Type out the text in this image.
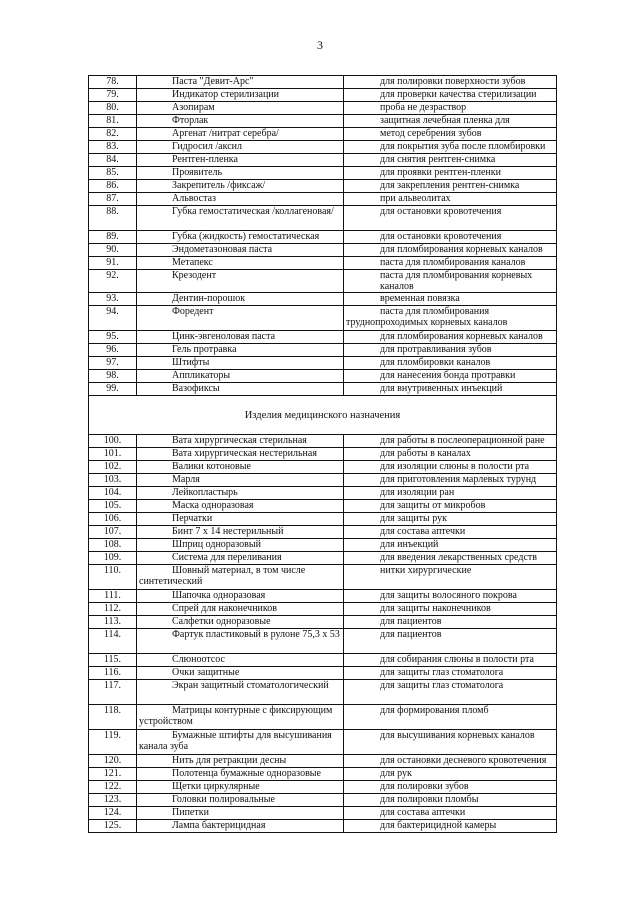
3
78.	Паста "Девит-Арс"	для полировки поверхности зубов
79.	Индикатор стерилизации	для проверки качества стерилизации
80.	Азопирам	проба не дезраствор
81.	Фторлак	защитная лечебная пленка для
82.	Аргенат /нитрат серебра/	метод серебрения зубов
83.	Гидросил /аксил	для покрытия зуба после пломбировки
84.	Рентген-пленка	для снятия рентген-снимка
85.	Проявитель	для проявки рентген-пленки
86.	Закрепитель /фиксаж/	для закрепления рентген-снимка
87.	Альвостаз	при альвеолитах
88.	Губка гемостатическая /коллагеновая/	для остановки кровотечения
89.	Губка (жидкость) гемостатическая	для остановки кровотечения
90.	Эндометазоновая паста	для пломбирования корневых каналов
91.	Метапекс	паста для пломбирования каналов
92.	Крезодент	паста для пломбирования корневых каналов
93.	Дентин-порошок	временная повязка
94.	Форедент	паста для пломбирования труднопроходимых корневых каналов
95.	Цинк-эвгеноловая паста	для пломбирования корневых каналов
96.	Гель протравка	для протравливания зубов
97.	Штифты	для пломбировки каналов
98.	Аппликаторы	для нанесения бонда протравки
99.	Вазофиксы	для внутривенных инъекций
Изделия медицинского назначения		
100.	Вата хирургическая стерильная	для работы в послеоперационной ране
101.	Вата хирургическая нестерильная	для работы в каналах
102.	Валики котоновые	для изоляции слюны в полости рта
103.	Марля	для приготовления марлевых турунд
104.	Лейкопластырь	для изоляции ран
105.	Маска одноразовая	для защиты от микробов
106.	Перчатки	для защиты рук
107.	Бинт 7 х 14 нестерильный	для состава аптечки
108.	Шприц одноразовый	для инъекций
109.	Система для переливания	для введения лекарственных средств
110.	Шовный материал, в том числе синтетический	нитки хирургические
111.	Шапочка одноразовая	для защиты волосяного покрова
112.	Спрей для наконечников	для защиты наконечников
113.	Салфетки одноразовые	для пациентов
114.	Фартук пластиковый в рулоне 75,3 х 53	для пациентов
115.	Слюноотсос	для собирания слюны в полости рта
116.	Очки защитные	для защиты глаз стоматолога
117.	Экран защитный стоматологический	для защиты глаз стоматолога
118.	Матрицы контурные с фиксирующим устройством	для формирования пломб
119.	Бумажные штифты для высушивания канала зуба	для высушивания корневых каналов
120.	Нить для ретракции десны	для остановки десневого кровотечения
121.	Полотенца бумажные одноразовые	для рук
122.	Щетки циркулярные	для полировки зубов
123.	Головки полировальные	для полировки пломбы
124.	Пипетки	для состава аптечки
125.	Лампа бактерицидная	для бактерицидной камеры
